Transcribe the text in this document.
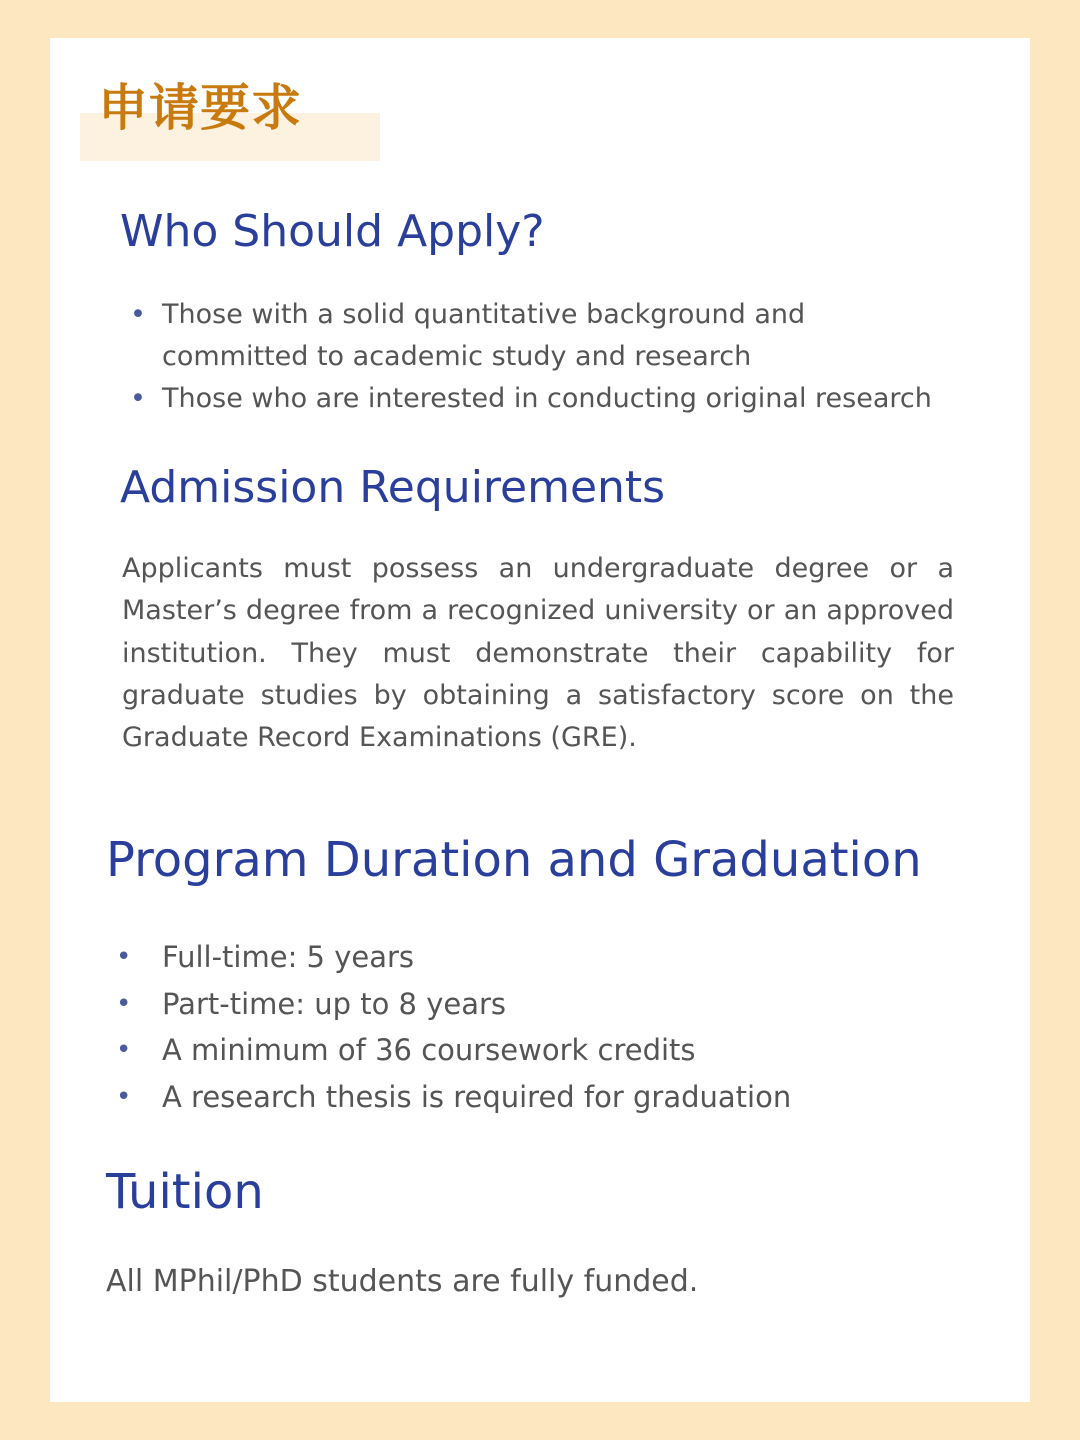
申请要求
Who Should Apply?
• Those with a solid quantitative background and committed to academic study and research
• Those who are interested in conducting original research
Admission Requirements

Applicants must possess an undergraduate degree or a Master’s degree from a recognized university or an approved institution. They must demonstrate their capability for graduate studies by obtaining a satisfactory score on the Graduate Record Examinations (GRE).

Program Duration and Graduation
• Full-time: 5 years
• Part-time: up to 8 years
• A minimum of 36 coursework credits
• A research thesis is required for graduation
Tuition

All MPhil/PhD students are fully funded.
